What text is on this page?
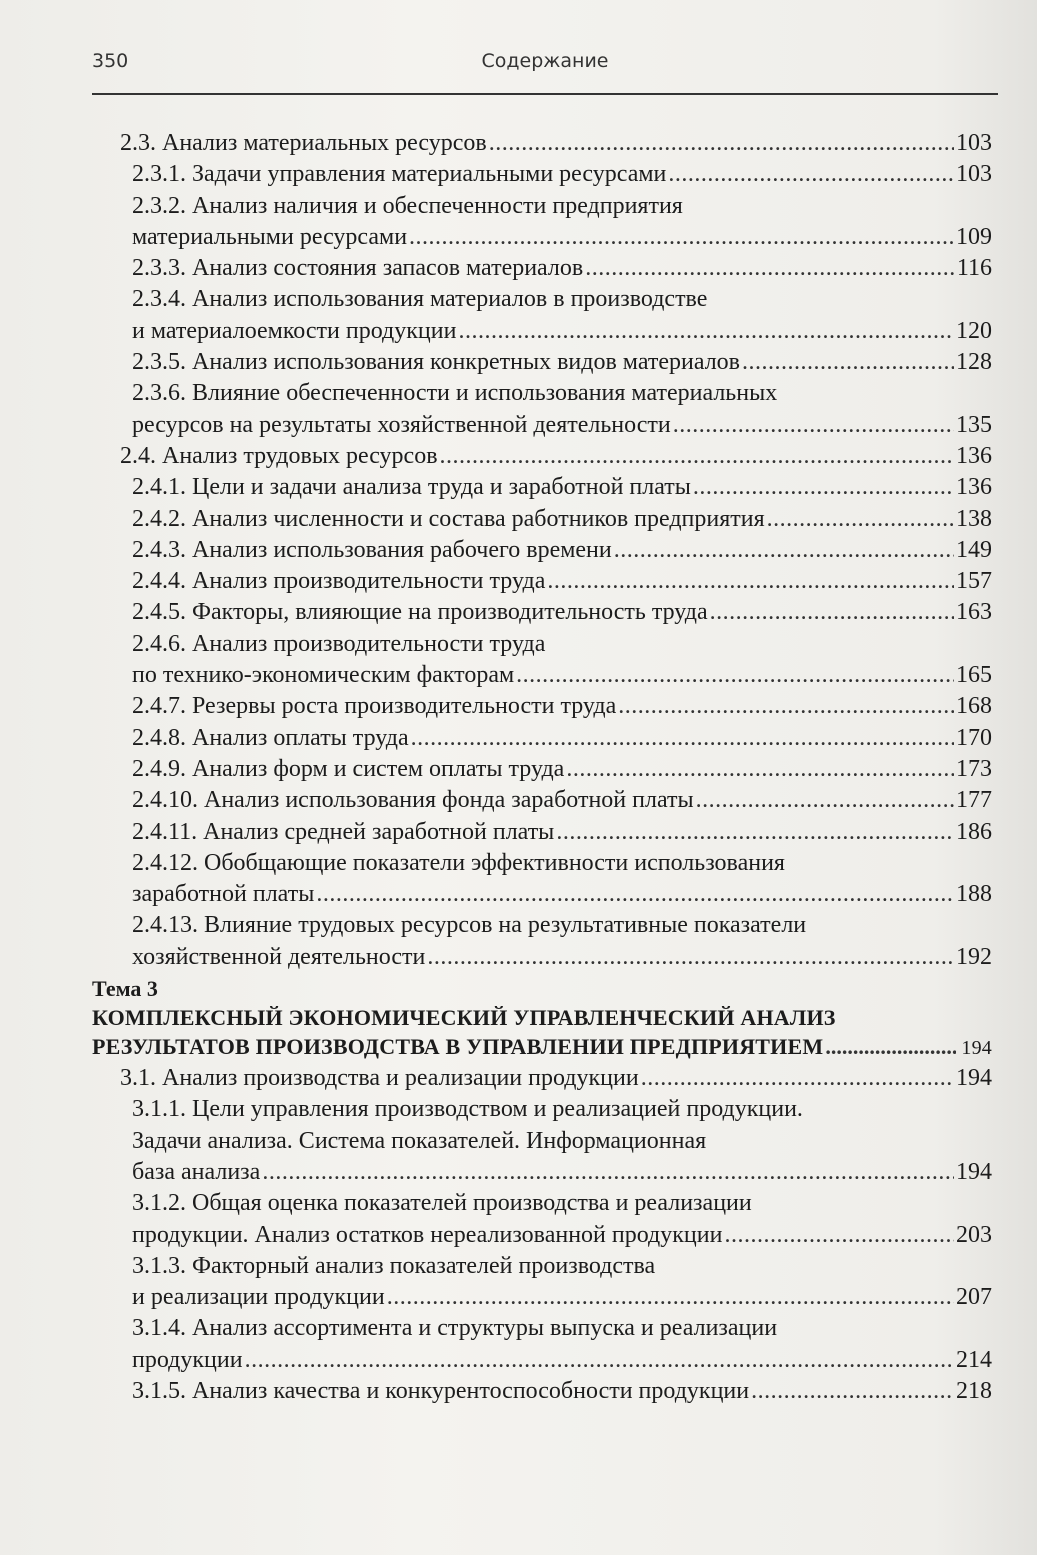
350	Содержание
2.3. Анализ материальных ресурсов .....	103
2.3.1. Задачи управления материальными ресурсами .....	103
2.3.2. Анализ наличия и обеспеченности предприятия
материальными ресурсами .....	109
2.3.3. Анализ состояния запасов материалов .....	116
2.3.4. Анализ использования материалов в производстве
и материалоемкости продукции .....	120
2.3.5. Анализ использования конкретных видов материалов .....	128
2.3.6. Влияние обеспеченности и использования материальных
ресурсов на результаты хозяйственной деятельности .....	135
2.4. Анализ трудовых ресурсов .....	136
2.4.1. Цели и задачи анализа труда и заработной платы .....	136
2.4.2. Анализ численности и состава работников предприятия .....	138
2.4.3. Анализ использования рабочего времени .....	149
2.4.4. Анализ производительности труда .....	157
2.4.5. Факторы, влияющие на производительность труда .....	163
2.4.6. Анализ производительности труда
по технико-экономическим факторам .....	165
2.4.7. Резервы роста производительности труда .....	168
2.4.8. Анализ оплаты труда .....	170
2.4.9. Анализ форм и систем оплаты труда .....	173
2.4.10. Анализ использования фонда заработной платы .....	177
2.4.11. Анализ средней заработной платы .....	186
2.4.12. Обобщающие показатели эффективности использования
заработной платы .....	188
2.4.13. Влияние трудовых ресурсов на результативные показатели
хозяйственной деятельности .....	192
Тема 3
КОМПЛЕКСНЫЙ ЭКОНОМИЧЕСКИЙ УПРАВЛЕНЧЕСКИЙ АНАЛИЗ
РЕЗУЛЬТАТОВ ПРОИЗВОДСТВА В УПРАВЛЕНИИ ПРЕДПРИЯТИЕМ .....	194
3.1. Анализ производства и реализации продукции .....	194
3.1.1. Цели управления производством и реализацией продукции.
Задачи анализа. Система показателей. Информационная
база анализа .....	194
3.1.2. Общая оценка показателей производства и реализации
продукции. Анализ остатков нереализованной продукции .....	203
3.1.3. Факторный анализ показателей производства
и реализации продукции .....	207
3.1.4. Анализ ассортимента и структуры выпуска и реализации
продукции .....	214
3.1.5. Анализ качества и конкурентоспособности продукции .....	218
